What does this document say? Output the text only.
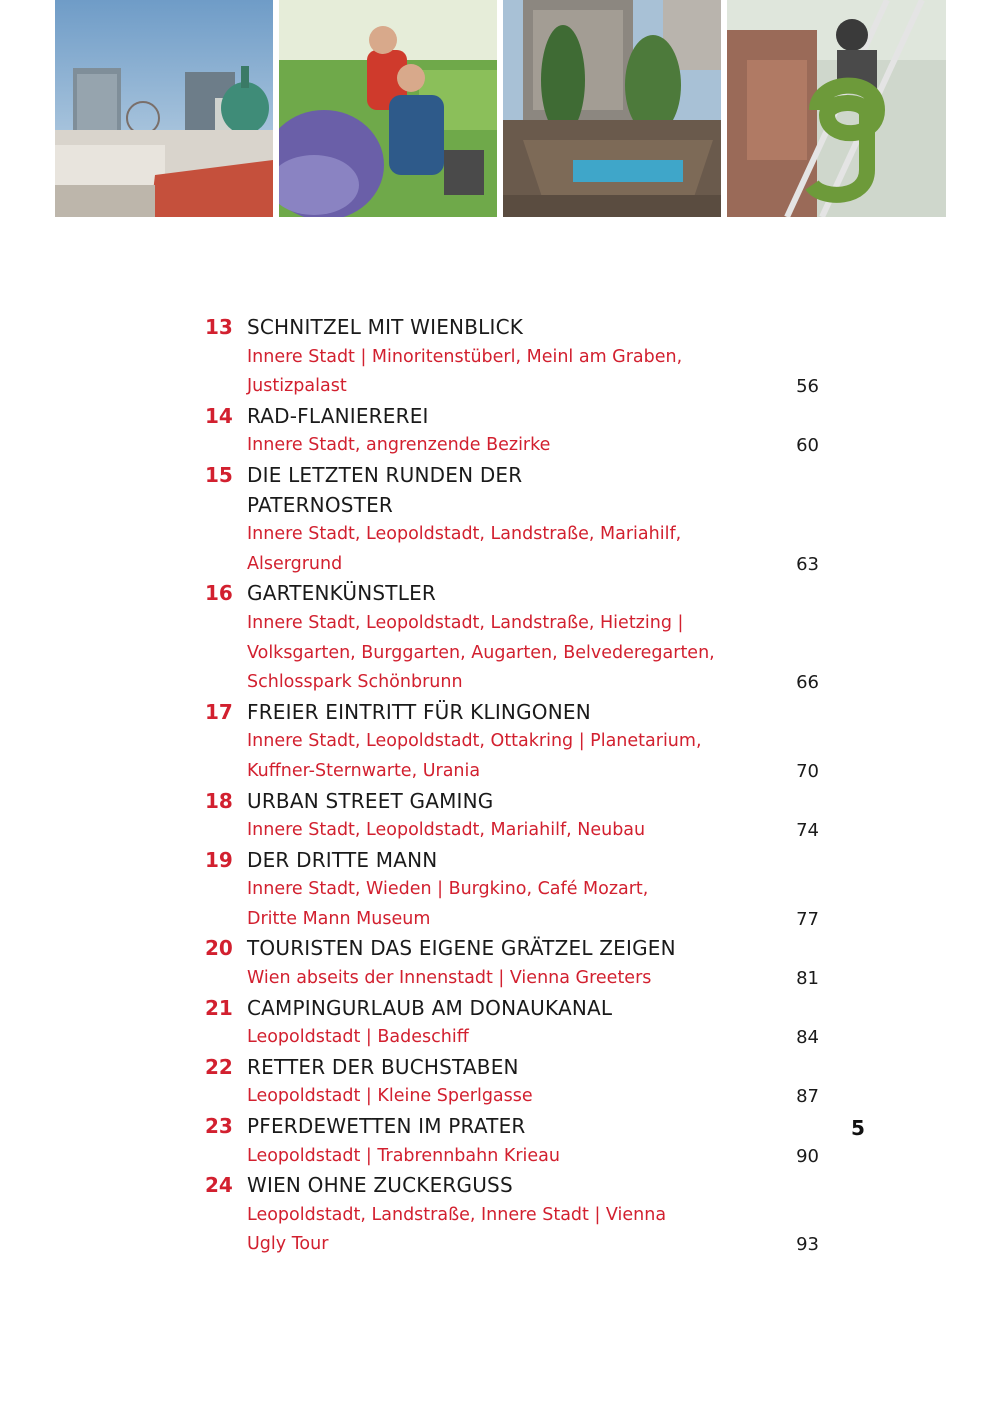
13 SCHNITZEL MIT WIENBLICK
Innere Stadt | Minoritenstüberl, Meinl am Graben,
Justizpalast	56
14 RAD-FLANIEREREI
Innere Stadt, angrenzende Bezirke	60
15 DIE LETZTEN RUNDEN DER
PATERNOSTER
Innere Stadt, Leopoldstadt, Landstraße, Mariahilf,
Alsergrund	63
16 GARTENKÜNSTLER
Innere Stadt, Leopoldstadt, Landstraße, Hietzing |
Volksgarten, Burggarten, Augarten, Belvederegarten,
Schlosspark Schönbrunn	66
17 FREIER EINTRITT FÜR KLINGONEN
Innere Stadt, Leopoldstadt, Ottakring | Planetarium,
Kuffner-Sternwarte, Urania	70
18 URBAN STREET GAMING
Innere Stadt, Leopoldstadt, Mariahilf, Neubau	74
19 DER DRITTE MANN
Innere Stadt, Wieden | Burgkino, Café Mozart,
Dritte Mann Museum	77
20 TOURISTEN DAS EIGENE GRÄTZEL ZEIGEN
Wien abseits der Innenstadt | Vienna Greeters	81
21 CAMPINGURLAUB AM DONAUKANAL
Leopoldstadt | Badeschiff	84
22 RETTER DER BUCHSTABEN
Leopoldstadt | Kleine Sperlgasse	87
23 PFERDEWETTEN IM PRATER
Leopoldstadt | Trabrennbahn Krieau	90
24 WIEN OHNE ZUCKERGUSS
Leopoldstadt, Landstraße, Innere Stadt | Vienna
Ugly Tour	93
5
